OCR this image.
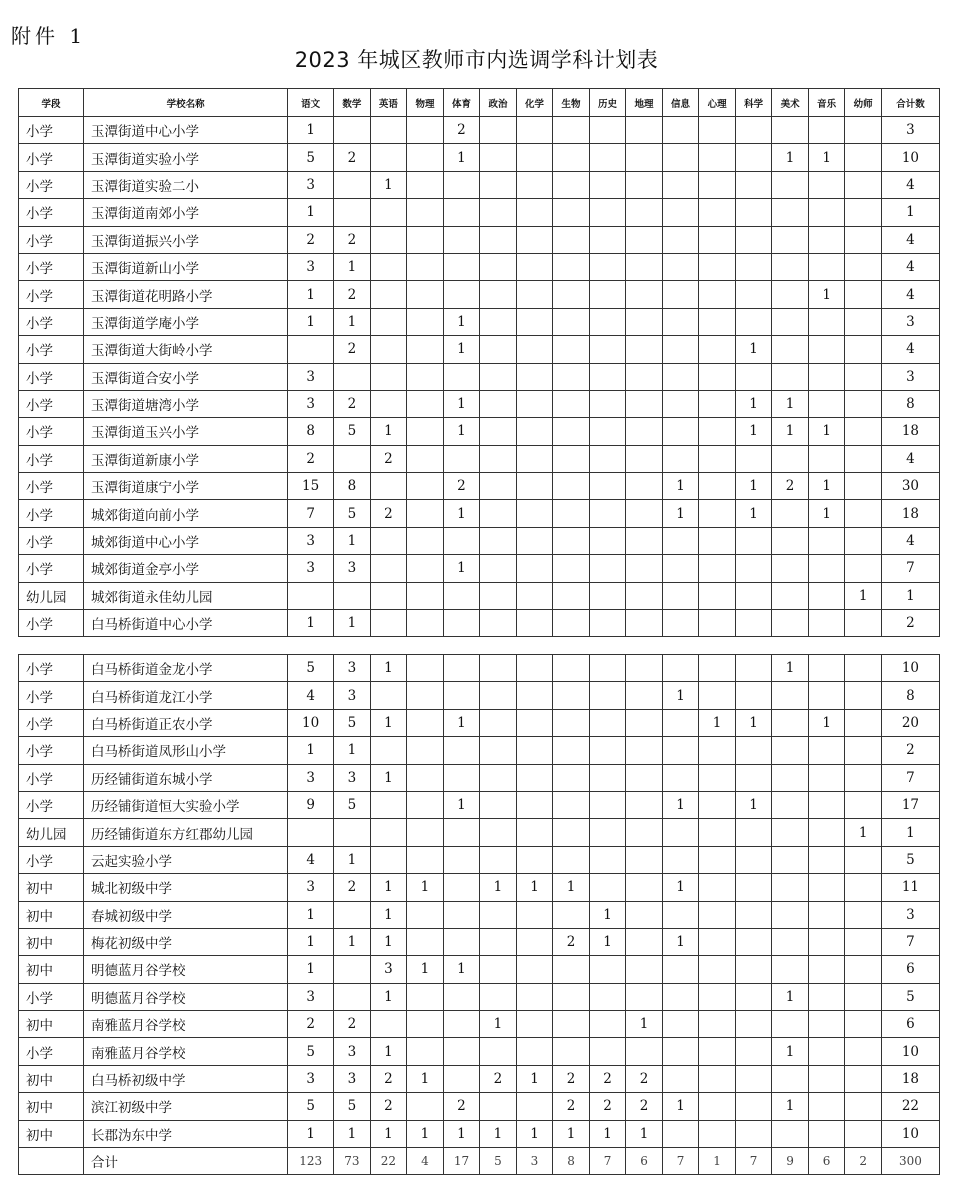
附件 1
2023 年城区教师市内选调学科计划表
学段	学校名称	语文	数学	英语	物理	体育	政治	化学	生物	历史	地理	信息	心理	科学	美术	音乐	幼师	合计数
小学	玉潭街道中心小学	1				2												3
小学	玉潭街道实验小学	5	2			1									1	1		10
小学	玉潭街道实验二小	3		1														4
小学	玉潭街道南郊小学	1																1
小学	玉潭街道振兴小学	2	2															4
小学	玉潭街道新山小学	3	1															4
小学	玉潭街道花明路小学	1	2													1		4
小学	玉潭街道学庵小学	1	1			1												3
小学	玉潭街道大街岭小学		2			1								1				4
小学	玉潭街道合安小学	3																3
小学	玉潭街道塘湾小学	3	2			1								1	1			8
小学	玉潭街道玉兴小学	8	5	1		1								1	1	1		18
小学	玉潭街道新康小学	2		2														4
小学	玉潭街道康宁小学	15	8			2						1		1	2	1		30
小学	城郊街道向前小学	7	5	2		1						1		1		1		18
小学	城郊街道中心小学	3	1															4
小学	城郊街道金亭小学	3	3			1												7
幼儿园	城郊街道永佳幼儿园																1	1
小学	白马桥街道中心小学	1	1															2
小学	白马桥街道金龙小学	5	3	1											1			10
小学	白马桥街道龙江小学	4	3									1						8
小学	白马桥街道正农小学	10	5	1		1							1	1		1		20
小学	白马桥街道凤形山小学	1	1															2
小学	历经铺街道东城小学	3	3	1														7
小学	历经铺街道恒大实验小学	9	5			1						1		1				17
幼儿园	历经铺街道东方红郡幼儿园																1	1
小学	云起实验小学	4	1															5
初中	城北初级中学	3	2	1	1		1	1	1			1						11
初中	春城初级中学	1		1						1								3
初中	梅花初级中学	1	1	1					2	1		1						7
初中	明德蓝月谷学校	1		3	1	1												6
小学	明德蓝月谷学校	3		1											1			5
初中	南雅蓝月谷学校	2	2				1				1							6
小学	南雅蓝月谷学校	5	3	1											1			10
初中	白马桥初级中学	3	3	2	1		2	1	2	2	2							18
初中	滨江初级中学	5	5	2		2			2	2	2	1			1			22
初中	长郡沩东中学	1	1	1	1	1	1	1	1	1	1							10
	合计	123	73	22	4	17	5	3	8	7	6	7	1	7	9	6	2	300
